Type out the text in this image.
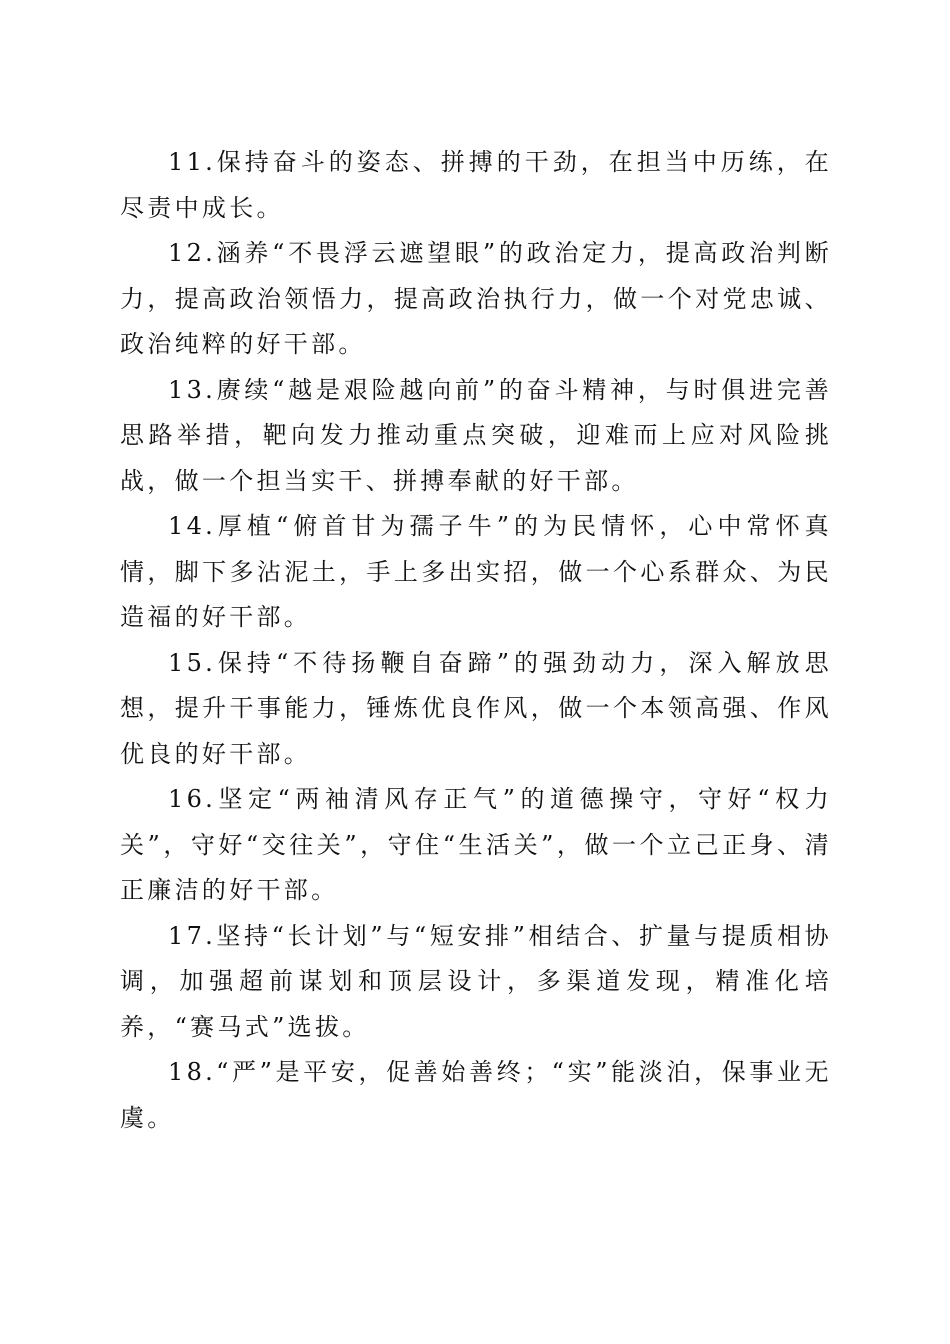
11.保持奋斗的姿态、拼搏的干劲，在担当中历练，在尽责中成长。

12.涵养“不畏浮云遮望眼”的政治定力，提高政治判断力，提高政治领悟力，提高政治执行力，做一个对党忠诚、政治纯粹的好干部。

13.赓续“越是艰险越向前”的奋斗精神，与时俱进完善思路举措，靶向发力推动重点突破，迎难而上应对风险挑战，做一个担当实干、拼搏奉献的好干部。

14.厚植“俯首甘为孺子牛”的为民情怀，心中常怀真情，脚下多沾泥土，手上多出实招，做一个心系群众、为民造福的好干部。

15.保持“不待扬鞭自奋蹄”的强劲动力，深入解放思想，提升干事能力，锤炼优良作风，做一个本领高强、作风优良的好干部。

16.坚定“两袖清风存正气”的道德操守，守好“权力关”，守好“交往关”，守住“生活关”，做一个立己正身、清正廉洁的好干部。

17.坚持“长计划”与“短安排”相结合、扩量与提质相协调，加强超前谋划和顶层设计，多渠道发现，精准化培养，“赛马式”选拔。

18.“严”是平安，促善始善终；“实”能淡泊，保事业无虞。
